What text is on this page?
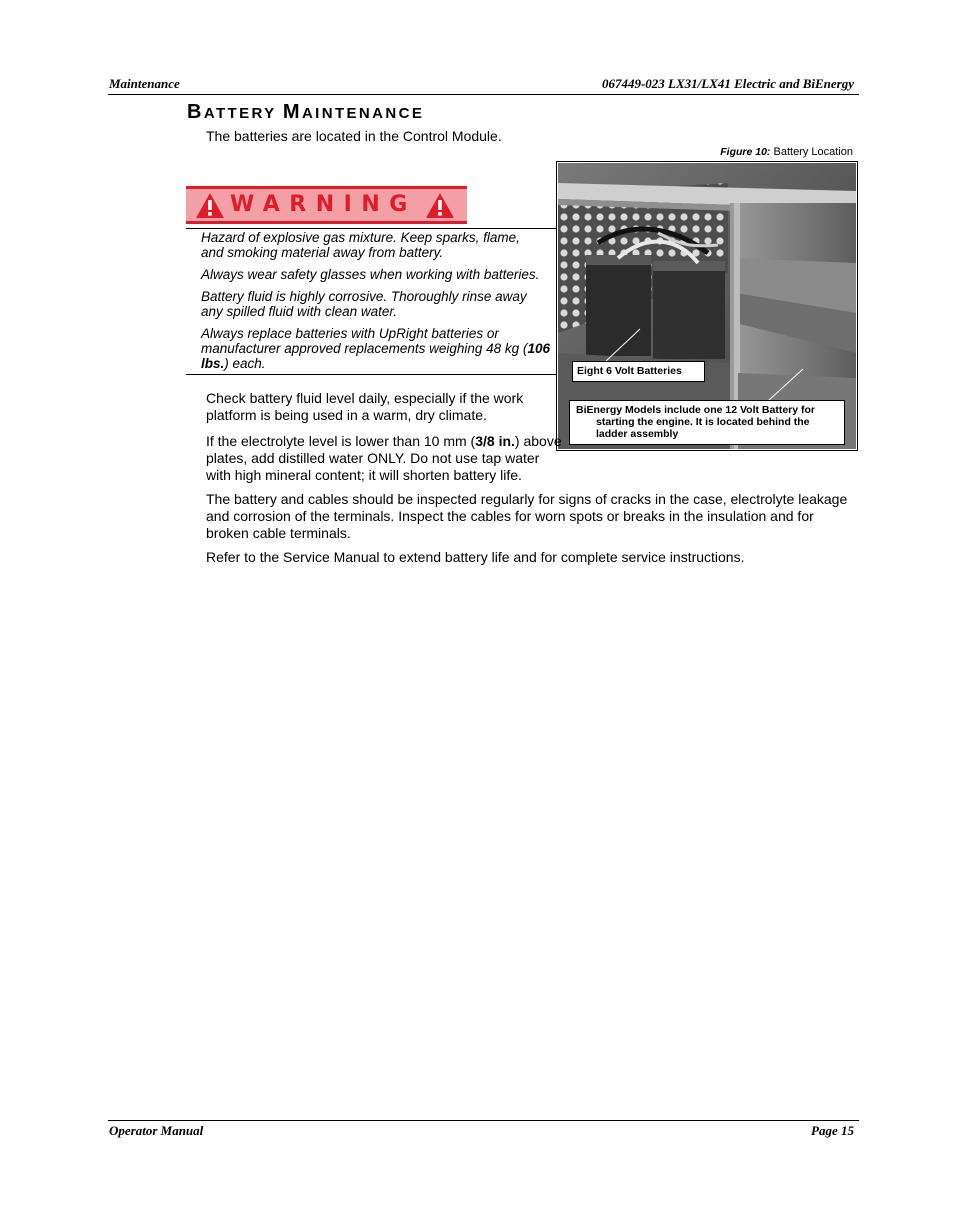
Maintenance	067449-023 LX31/LX41 Electric and BiEnergy
BATTERY MAINTENANCE

The batteries are located in the Control Module.

Figure 10: Battery Location
Eight 6 Volt Batteries
BiEnergy Models include one 12 Volt Battery for
starting the engine. It is located behind the ladder assembly
WARNING

Hazard of explosive gas mixture. Keep sparks, flame, and smoking material away from battery.

Always wear safety glasses when working with batteries.

Battery fluid is highly corrosive. Thoroughly rinse away any spilled fluid with clean water.

Always replace batteries with UpRight batteries or manufacturer approved replacements weighing 48 kg (106 lbs.) each.

Check battery fluid level daily, especially if the work platform is being used in a warm, dry climate.

If the electrolyte level is lower than 10 mm (3/8 in.) above plates, add distilled water ONLY. Do not use tap water with high mineral content; it will shorten battery life.

The battery and cables should be inspected regularly for signs of cracks in the case, electrolyte leakage and corrosion of the terminals. Inspect the cables for worn spots or breaks in the insulation and for broken cable terminals.

Refer to the Service Manual to extend battery life and for complete service instructions.

Operator Manual	Page 15
